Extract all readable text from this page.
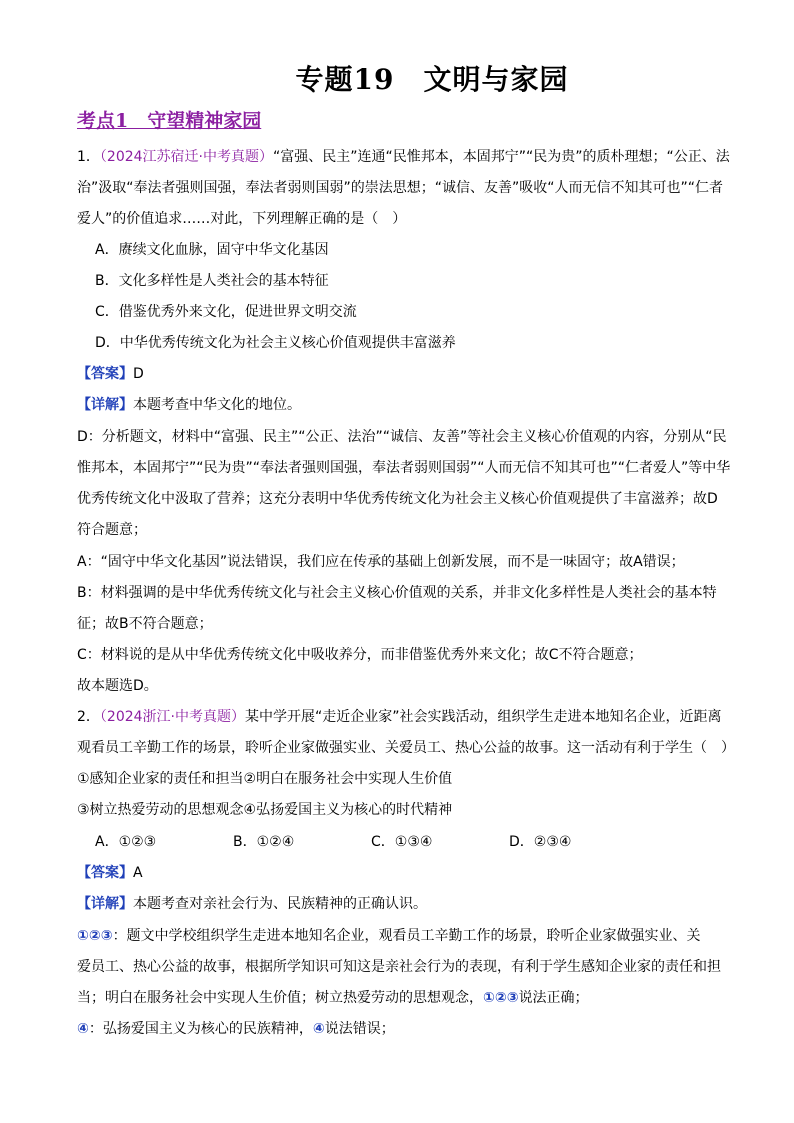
专题19　文明与家园
考点1　守望精神家园
1．（2024江苏宿迁·中考真题）“富强、民主”连通“民惟邦本，本固邦宁”“民为贵”的质朴理想；“公正、法
治”汲取“奉法者强则国强，奉法者弱则国弱”的崇法思想；“诚信、友善”吸收“人而无信不知其可也”“仁者
爱人”的价值追求……对此，下列理解正确的是（　）
A．赓续文化血脉，固守中华文化基因
B．文化多样性是人类社会的基本特征
C．借鉴优秀外来文化，促进世界文明交流
D．中华优秀传统文化为社会主义核心价值观提供丰富滋养
【答案】D
【详解】本题考查中华文化的地位。
D：分析题文，材料中“富强、民主”“公正、法治”“诚信、友善”等社会主义核心价值观的内容，分别从“民
惟邦本，本固邦宁”“民为贵”“奉法者强则国强，奉法者弱则国弱”“人而无信不知其可也”“仁者爱人”等中华
优秀传统文化中汲取了营养；这充分表明中华优秀传统文化为社会主义核心价值观提供了丰富滋养；故D
符合题意；
A：“固守中华文化基因”说法错误，我们应在传承的基础上创新发展，而不是一味固守；故A错误；
B：材料强调的是中华优秀传统文化与社会主义核心价值观的关系，并非文化多样性是人类社会的基本特
征；故B不符合题意；
C：材料说的是从中华优秀传统文化中吸收养分，而非借鉴优秀外来文化；故C不符合题意；
故本题选D。
2．（2024浙江·中考真题）某中学开展“走近企业家”社会实践活动，组织学生走进本地知名企业，近距离
观看员工辛勤工作的场景，聆听企业家做强实业、关爱员工、热心公益的故事。这一活动有利于学生（　）
①感知企业家的责任和担当②明白在服务社会中实现人生价值
③树立热爱劳动的思想观念④弘扬爱国主义为核心的时代精神
A．①②③	B．①②④	C．①③④	D．②③④
【答案】A
【详解】本题考查对亲社会行为、民族精神的正确认识。
①②③：题文中学校组织学生走进本地知名企业，观看员工辛勤工作的场景，聆听企业家做强实业、关
爱员工、热心公益的故事，根据所学知识可知这是亲社会行为的表现，有利于学生感知企业家的责任和担
当；明白在服务社会中实现人生价值；树立热爱劳动的思想观念，①②③说法正确；
④：弘扬爱国主义为核心的民族精神，④说法错误；
